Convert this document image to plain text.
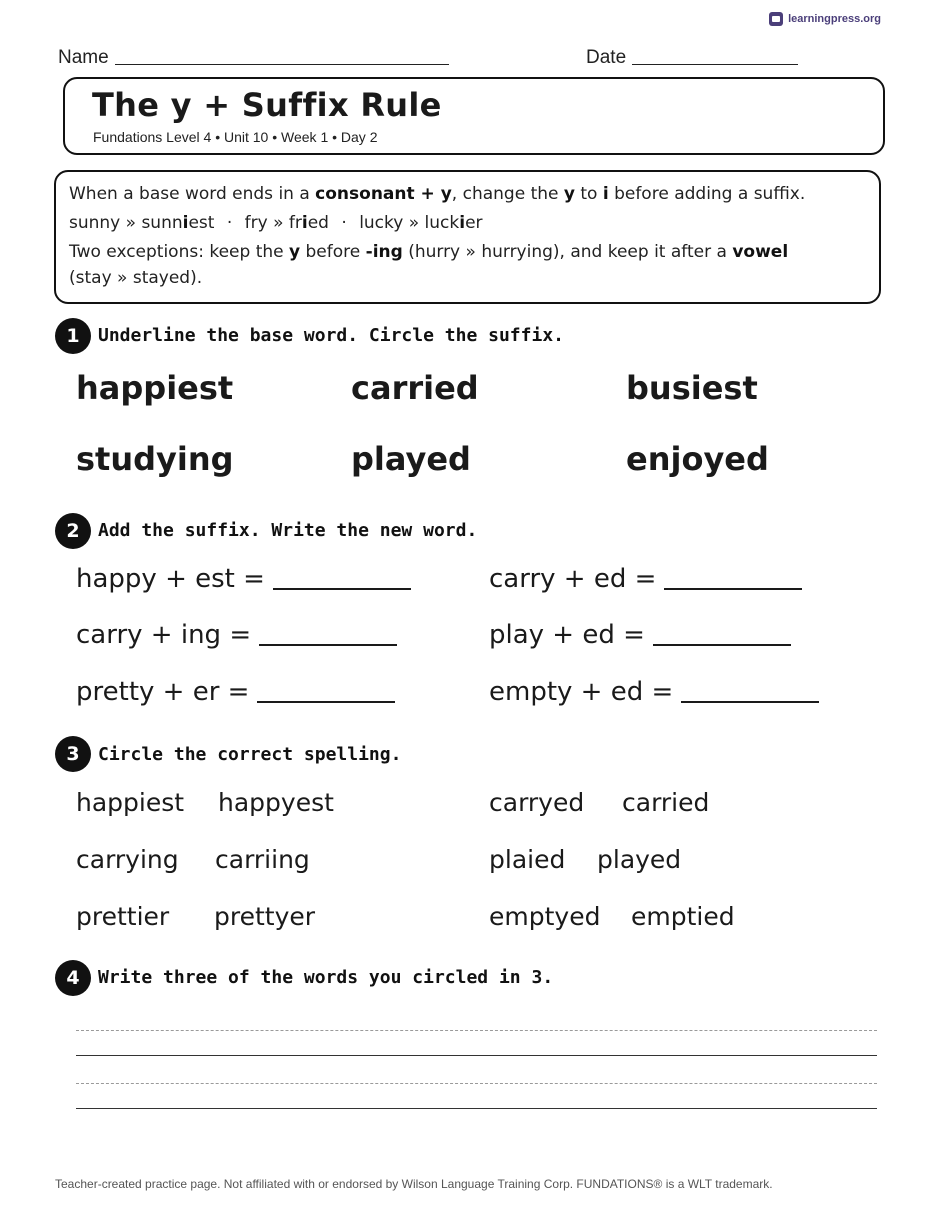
learningpress.org
Name	Date
The y + Suffix Rule
Fundations Level 4 • Unit 10 • Week 1 • Day 2
When a base word ends in a consonant + y, change the y to i before adding a suffix.
sunny » sunniest · fry » fried · lucky » luckier
Two exceptions: keep the y before -ing (hurry » hurrying), and keep it after a vowel
(stay » stayed).
1	Underline the base word. Circle the suffix.
happiest	carried	busiest
studying	played	enjoyed
2	Add the suffix. Write the new word.
happy + est =	carry + ed =
carry + ing =	play + ed =
pretty + er =	empty + ed =
3	Circle the correct spelling.
happiest happyest	carryed carried
carrying carriing	plaied played
prettier prettyer	emptyed emptied
4	Write three of the words you circled in 3.
Teacher-created practice page. Not affiliated with or endorsed by Wilson Language Training Corp. FUNDATIONS® is a WLT trademark.
